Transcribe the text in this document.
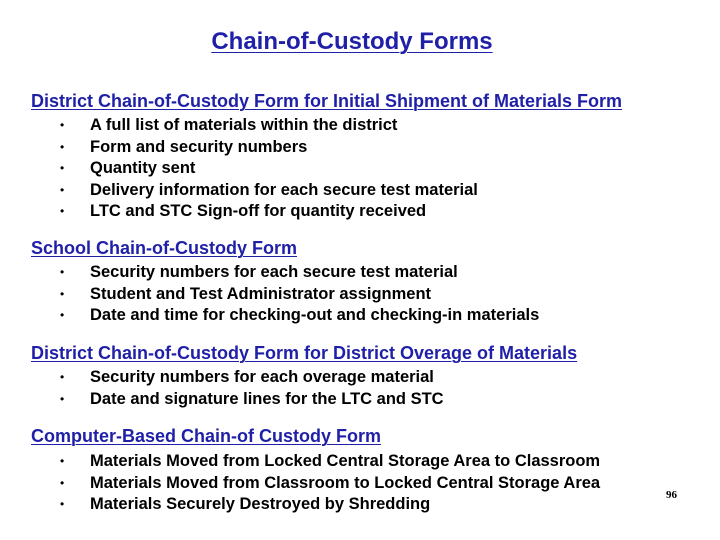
Chain-of-Custody Forms
District Chain-of-Custody Form for Initial Shipment of Materials Form
• A full list of materials within the district
• Form and security numbers
• Quantity sent
• Delivery information for each secure test material
• LTC and STC Sign-off for quantity received
School Chain-of-Custody Form
• Security numbers for each secure test material
• Student and Test Administrator assignment
• Date and time for checking-out and checking-in materials
District Chain-of-Custody Form for District Overage of Materials
• Security numbers for each overage material
• Date and signature lines for the LTC and STC
Computer-Based Chain-of Custody Form
• Materials Moved from Locked Central Storage Area to Classroom
• Materials Moved from Classroom to Locked Central Storage Area
• Materials Securely Destroyed by Shredding	96
